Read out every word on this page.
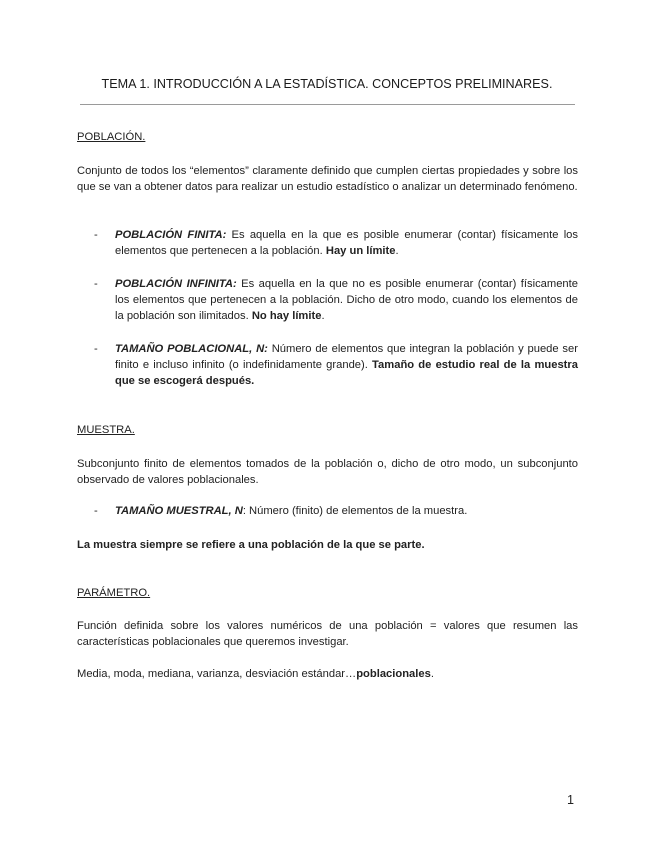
TEMA 1. INTRODUCCIÓN A LA ESTADÍSTICA. CONCEPTOS PRELIMINARES.
POBLACIÓN.
Conjunto de todos los “elementos” claramente definido que cumplen ciertas propiedades y sobre los que se van a obtener datos para realizar un estudio estadístico o analizar un determinado fenómeno.
- POBLACIÓN FINITA: Es aquella en la que es posible enumerar (contar) físicamente los elementos que pertenecen a la población. Hay un límite.
- POBLACIÓN INFINITA: Es aquella en la que no es posible enumerar (contar) físicamente los elementos que pertenecen a la población. Dicho de otro modo, cuando los elementos de la población son ilimitados. No hay límite.
- TAMAÑO POBLACIONAL, N: Número de elementos que integran la población y puede ser finito e incluso infinito (o indefinidamente grande). Tamaño de estudio real de la muestra que se escogerá después.
MUESTRA.
Subconjunto finito de elementos tomados de la población o, dicho de otro modo, un subconjunto observado de valores poblacionales.
- TAMAÑO MUESTRAL, N: Número (finito) de elementos de la muestra.
La muestra siempre se refiere a una población de la que se parte.
PARÁMETRO.
Función definida sobre los valores numéricos de una población = valores que resumen las características poblacionales que queremos investigar.
Media, moda, mediana, varianza, desviación estándar…poblacionales.
1
